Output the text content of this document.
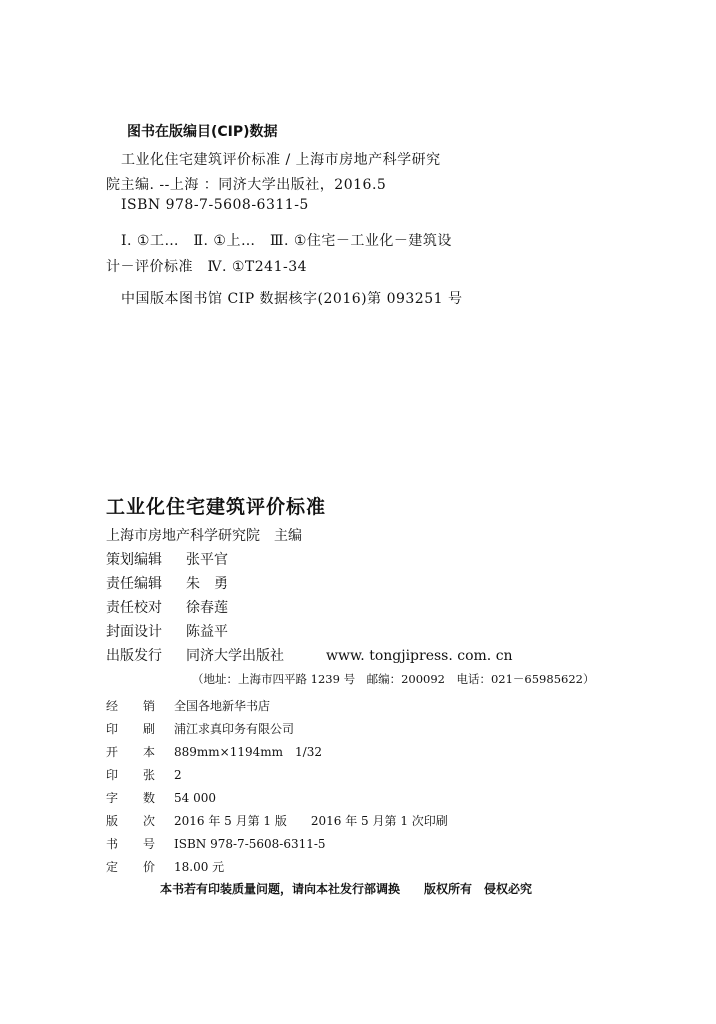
图书在版编目(CIP)数据
工业化住宅建筑评价标准 / 上海市房地产科学研究
院主编. --上海 ：同济大学出版社，2016.5
ISBN 978-7-5608-6311-5
Ⅰ. ①工…　Ⅱ. ①上…　Ⅲ. ①住宅－工业化－建筑设
计－评价标准　Ⅳ. ①T241-34
中国版本图书馆 CIP 数据核字(2016)第 093251 号
工业化住宅建筑评价标准
上海市房地产科学研究院　主编
策划编辑 张平官
责任编辑 朱　勇
责任校对 徐春莲
封面设计 陈益平
出版发行 同济大学出版社　　　www. tongjipress. com. cn
（地址：上海市四平路 1239 号　邮编：200092　电话：021－65985622）
经 销 全国各地新华书店
印 刷 浦江求真印务有限公司
开 本 889mm×1194mm　1/32
印 张 2
字 数 54 000
版 次 2016 年 5 月第 1 版　　2016 年 5 月第 1 次印刷
书 号 ISBN 978-7-5608-6311-5
定 价 18.00 元
本书若有印装质量问题，请向本社发行部调换　　版权所有　侵权必究
